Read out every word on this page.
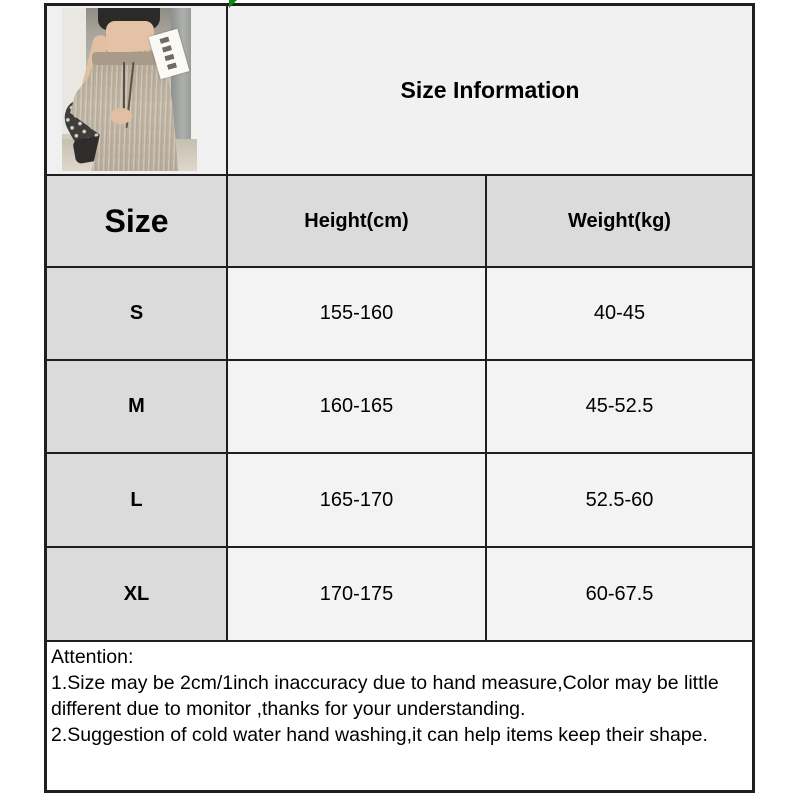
Size Information
Size	Height(cm)	Weight(kg)
S	155-160	40-45
M	160-165	45-52.5
L	165-170	52.5-60
XL	170-175	60-67.5
Attention:
1.Size may be 2cm/1inch inaccuracy due to hand measure,Color may be little different due to monitor ,thanks for your understanding.
2.Suggestion of cold water hand washing,it can help items keep their shape.
